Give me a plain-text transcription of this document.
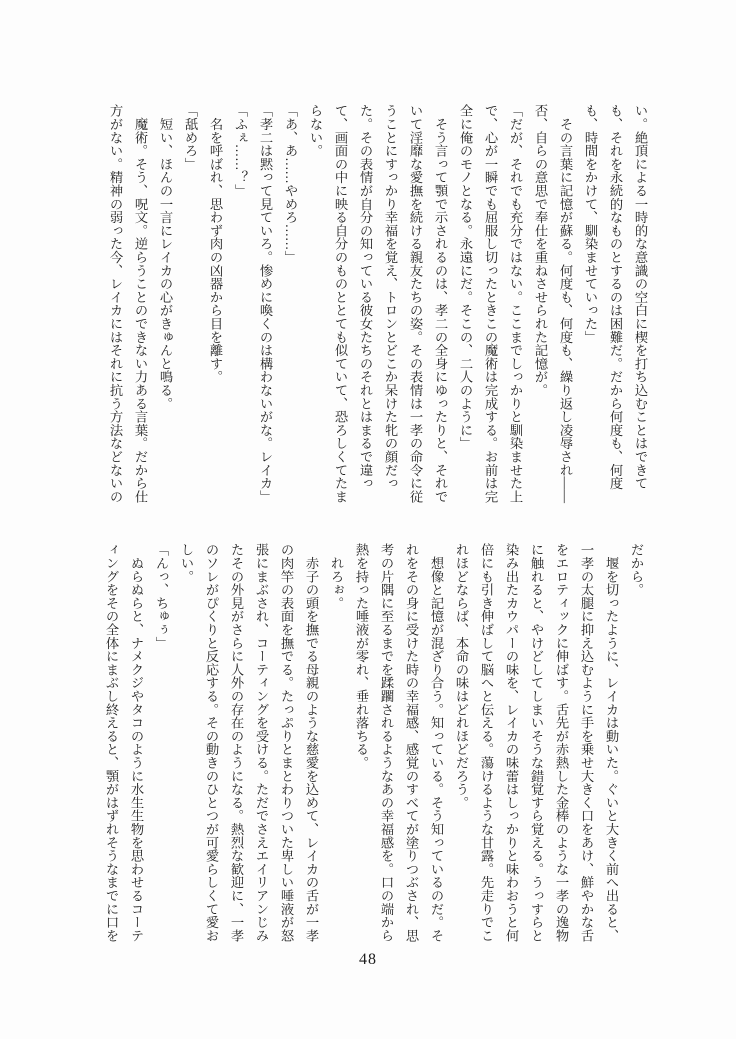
い。絶頂による一時的な意識の空白に楔を打ち込むことはできて

も、それを永続的なものとするのは困難だ。だから何度も、何度

も、時間をかけて、馴染ませていった」

　その言葉に記憶が蘇る。何度も、何度も、繰り返し凌辱され――

否、自らの意思で奉仕を重ねさせられた記憶が。

「だが、それでも充分ではない。ここまでしっかりと馴染ませた上

で、心が一瞬でも屈服し切ったときこの魔術は完成する。お前は完

全に俺のモノとなる。永遠にだ。そこの、二人のように」

　そう言って顎で示されるのは、孝二の全身にゆったりと、それで

いて淫靡な愛撫を続ける親友たちの姿。その表情は一孝の命令に従

うことにすっかり幸福を覚え、トロンとどこか呆けた牝の顔だっ

た。その表情が自分の知っている彼女たちのそれとはまるで違っ

て、画面の中に映る自分のものととても似ていて、恐ろしくてたま

らない。

「あ、あ……やめろ……」

「孝二は黙って見ていろ。惨めに喚くのは構わないがな。レイカ」

「ふぇ……？」

　名を呼ばれ、思わず肉の凶器から目を離す。

「舐めろ」

　短い、ほんの一言にレイカの心がきゅんと鳴る。

　魔術。そう、呪文。逆らうことのできない力ある言葉。だから仕

方がない。精神の弱った今、レイカにはそれに抗う方法などないの

だから。

　堰を切ったように、レイカは動いた。ぐいと大きく前へ出ると、

一孝の太腿に抑え込むように手を乗せ大きく口をあけ、鮮やかな舌

をエロティックに伸ばす。舌先が赤熱した金棒のような一孝の逸物

に触れると、やけどしてしまいそうな錯覚すら覚える。うっすらと

染み出たカウパーの味を、レイカの味蕾はしっかりと味わおうと何

倍にも引き伸ばして脳へと伝える。蕩けるような甘露。先走りでこ

れほどならば、本命の味はどれほどだろう。

　想像と記憶が混ざり合う。知っている。そう知っているのだ。そ

れをその身に受けた時の幸福感、感覚のすべてが塗りつぶされ、思

考の片隅に至るまでを蹂躙されるようなあの幸福感を。口の端から

熱を持った唾液が零れ、垂れ落ちる。

　れろぉ。

　赤子の頭を撫でる母親のような慈愛を込めて、レイカの舌が一孝

の肉竿の表面を撫でる。たっぷりとまとわりついた卑しい唾液が怒

張にまぶされ、コーティングを受ける。ただでさえエイリアンじみ

たその外見がさらに人外の存在のようになる。熱烈な歓迎に、一孝

のソレがぴくりと反応する。その動きのひとつが可愛らしくて愛お

しい。

「んっ、ちゅぅ」

　ぬらぬらと、ナメクジやタコのように水生生物を思わせるコーテ

ィングをその全体にまぶし終えると、顎がはずれそうなまでに口を

48
